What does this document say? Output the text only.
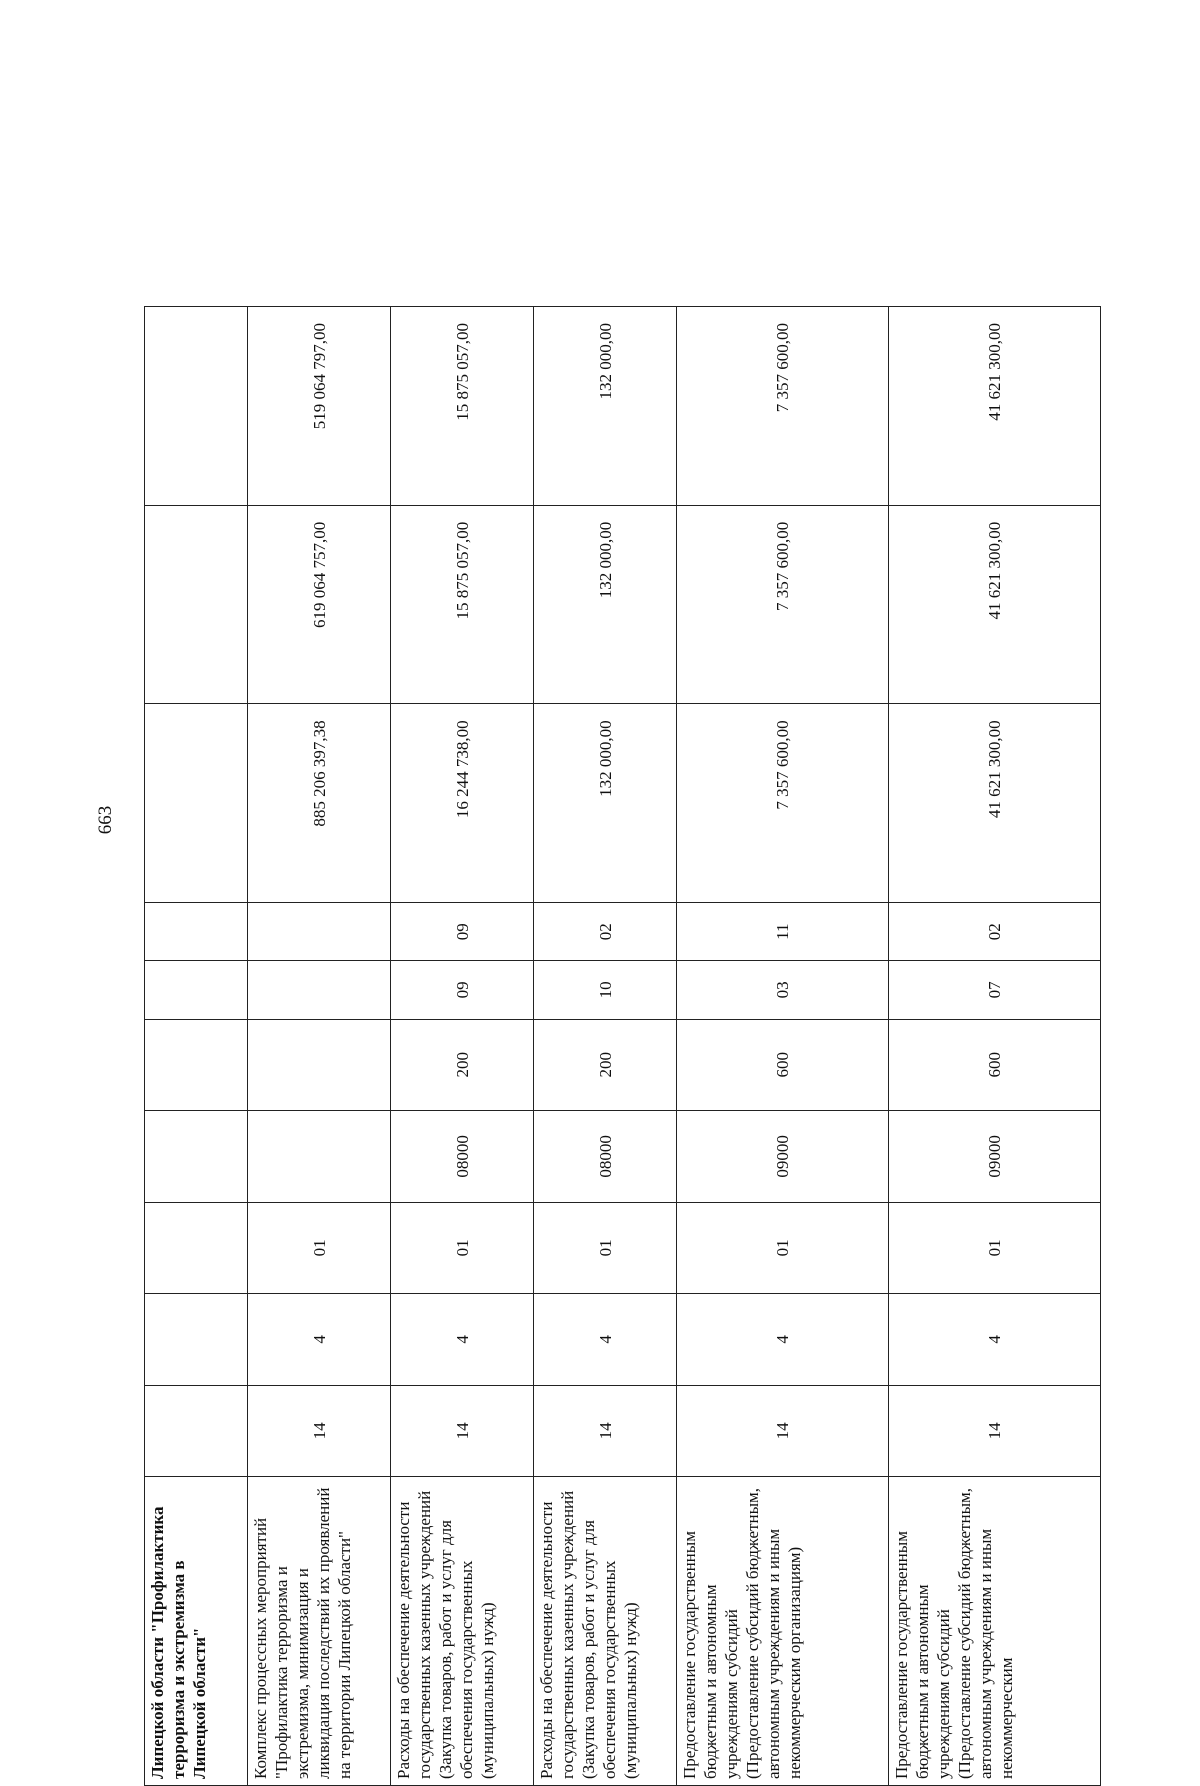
663
Липецкой области "Профилактика терроризма и экстремизма в Липецкой области"										
Комплекс процессных мероприятий "Профилактика терроризма и экстремизма, минимизация и ликвидация последствий их проявлений на территории Липецкой области"	14	4	01					885 206 397,38	619 064 757,00	519 064 797,00
Расходы на обеспечение деятельности государственных казенных учреждений (Закупка товаров, работ и услуг для обеспечения государственных (муниципальных) нужд)	14	4	01	08000	200	09	09	16 244 738,00	15 875 057,00	15 875 057,00
Расходы на обеспечение деятельности государственных казенных учреждений (Закупка товаров, работ и услуг для обеспечения государственных (муниципальных) нужд)	14	4	01	08000	200	10	02	132 000,00	132 000,00	132 000,00
Предоставление государственным бюджетным и автономным учреждениям субсидий (Предоставление субсидий бюджетным, автономным учреждениям и иным некоммерческим организациям)	14	4	01	09000	600	03	11	7 357 600,00	7 357 600,00	7 357 600,00
Предоставление государственным бюджетным и автономным учреждениям субсидий (Предоставление субсидий бюджетным, автономным учреждениям и иным некоммерческим	14	4	01	09000	600	07	02	41 621 300,00	41 621 300,00	41 621 300,00
